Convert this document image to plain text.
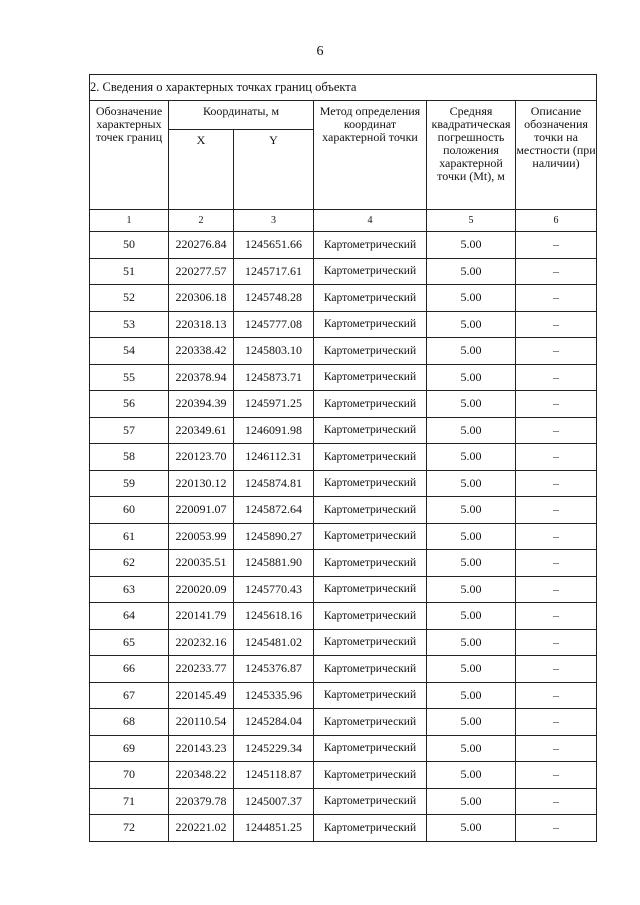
6
2. Сведения о характерных точках границ объекта					
Обозначение характерных точек границ	Координаты, м		Метод определения координат характерной точки	Средняя квадратическая погрешность положения характерной точки (Mt), м	Описание обозначения точки на местности (при наличии)
	X	Y			
1	2	3	4	5	6
50	220276.84	1245651.66	Картометрический	5.00	–
51	220277.57	1245717.61	Картометрический	5.00	–
52	220306.18	1245748.28	Картометрический	5.00	–
53	220318.13	1245777.08	Картометрический	5.00	–
54	220338.42	1245803.10	Картометрический	5.00	–
55	220378.94	1245873.71	Картометрический	5.00	–
56	220394.39	1245971.25	Картометрический	5.00	–
57	220349.61	1246091.98	Картометрический	5.00	–
58	220123.70	1246112.31	Картометрический	5.00	–
59	220130.12	1245874.81	Картометрический	5.00	–
60	220091.07	1245872.64	Картометрический	5.00	–
61	220053.99	1245890.27	Картометрический	5.00	–
62	220035.51	1245881.90	Картометрический	5.00	–
63	220020.09	1245770.43	Картометрический	5.00	–
64	220141.79	1245618.16	Картометрический	5.00	–
65	220232.16	1245481.02	Картометрический	5.00	–
66	220233.77	1245376.87	Картометрический	5.00	–
67	220145.49	1245335.96	Картометрический	5.00	–
68	220110.54	1245284.04	Картометрический	5.00	–
69	220143.23	1245229.34	Картометрический	5.00	–
70	220348.22	1245118.87	Картометрический	5.00	–
71	220379.78	1245007.37	Картометрический	5.00	–
72	220221.02	1244851.25	Картометрический	5.00	–
